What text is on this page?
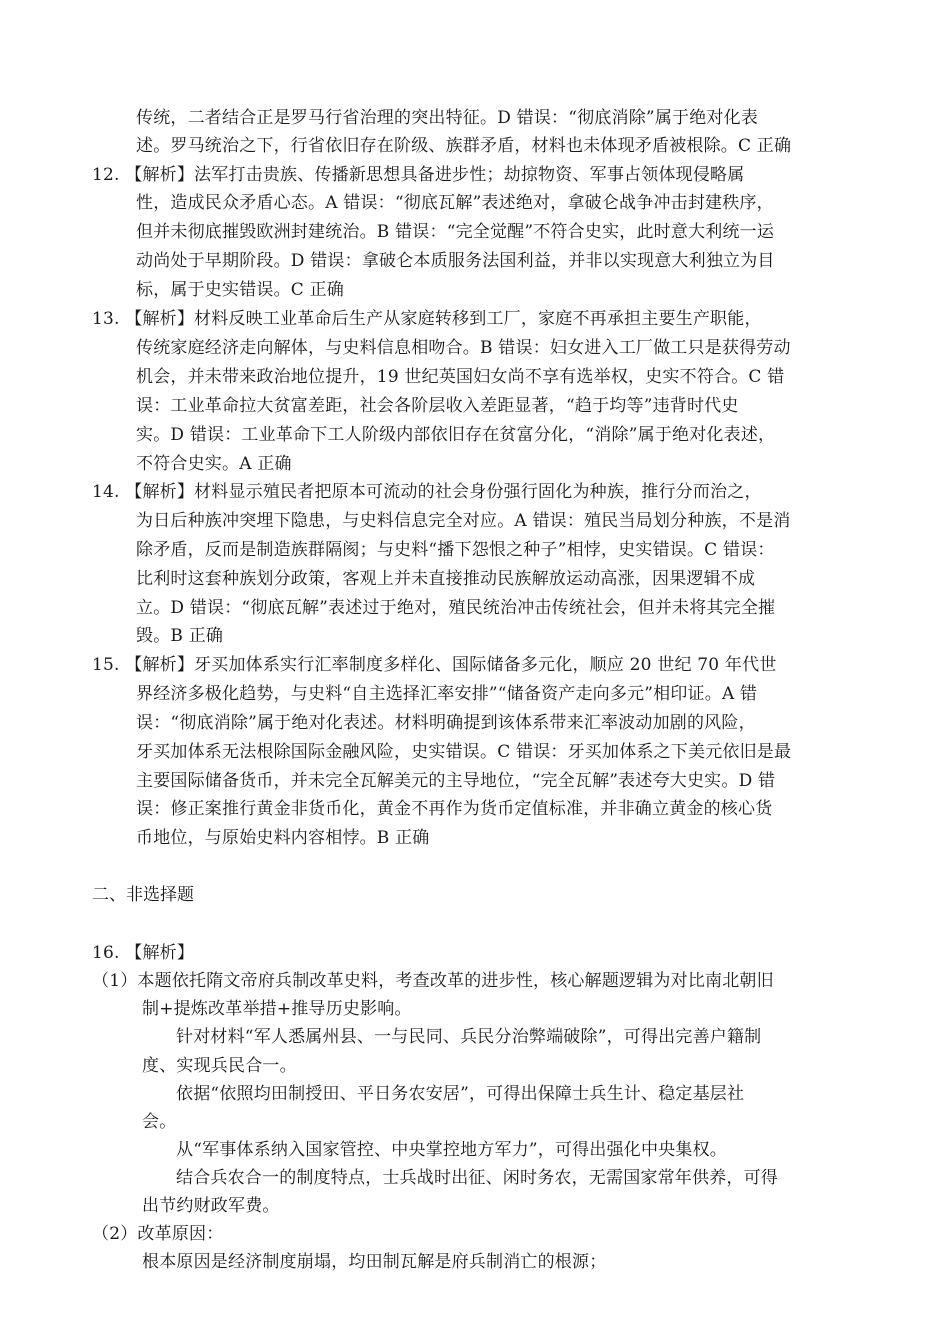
传统，二者结合正是罗马行省治理的突出特征。D 错误：“彻底消除”属于绝对化表
述。罗马统治之下，行省依旧存在阶级、族群矛盾，材料也未体现矛盾被根除。C 正确
12. 【解析】法军打击贵族、传播新思想具备进步性；劫掠物资、军事占领体现侵略属
性，造成民众矛盾心态。A 错误：“彻底瓦解”表述绝对，拿破仑战争冲击封建秩序，
但并未彻底摧毁欧洲封建统治。B 错误：“完全觉醒”不符合史实，此时意大利统一运
动尚处于早期阶段。D 错误：拿破仑本质服务法国利益，并非以实现意大利独立为目
标，属于史实错误。C 正确
13. 【解析】材料反映工业革命后生产从家庭转移到工厂，家庭不再承担主要生产职能，
传统家庭经济走向解体，与史料信息相吻合。B 错误：妇女进入工厂做工只是获得劳动
机会，并未带来政治地位提升，19 世纪英国妇女尚不享有选举权，史实不符合。C 错
误：工业革命拉大贫富差距，社会各阶层收入差距显著，“趋于均等”违背时代史
实。D 错误：工业革命下工人阶级内部依旧存在贫富分化，“消除”属于绝对化表述，
不符合史实。A 正确
14. 【解析】材料显示殖民者把原本可流动的社会身份强行固化为种族，推行分而治之，
为日后种族冲突埋下隐患，与史料信息完全对应。A 错误：殖民当局划分种族，不是消
除矛盾，反而是制造族群隔阂；与史料“播下怨恨之种子”相悖，史实错误。C 错误：
比利时这套种族划分政策，客观上并未直接推动民族解放运动高涨，因果逻辑不成
立。D 错误：“彻底瓦解”表述过于绝对，殖民统治冲击传统社会，但并未将其完全摧
毁。B 正确
15. 【解析】牙买加体系实行汇率制度多样化、国际储备多元化，顺应 20 世纪 70 年代世
界经济多极化趋势，与史料“自主选择汇率安排”“储备资产走向多元”相印证。A 错
误：“彻底消除”属于绝对化表述。材料明确提到该体系带来汇率波动加剧的风险，
牙买加体系无法根除国际金融风险，史实错误。C 错误：牙买加体系之下美元依旧是最
主要国际储备货币，并未完全瓦解美元的主导地位，“完全瓦解”表述夸大史实。D 错
误：修正案推行黄金非货币化，黄金不再作为货币定值标准，并非确立黄金的核心货
币地位，与原始史料内容相悖。B 正确
二、非选择题
16. 【解析】
（1）本题依托隋文帝府兵制改革史料，考查改革的进步性，核心解题逻辑为对比南北朝旧
制+提炼改革举措+推导历史影响。
针对材料“军人悉属州县、一与民同、兵民分治弊端破除”，可得出完善户籍制
度、实现兵民合一。
依据“依照均田制授田、平日务农安居”，可得出保障士兵生计、稳定基层社
会。
从“军事体系纳入国家管控、中央掌控地方军力”，可得出强化中央集权。
结合兵农合一的制度特点，士兵战时出征、闲时务农，无需国家常年供养，可得
出节约财政军费。
（2）改革原因：
根本原因是经济制度崩塌，均田制瓦解是府兵制消亡的根源；
